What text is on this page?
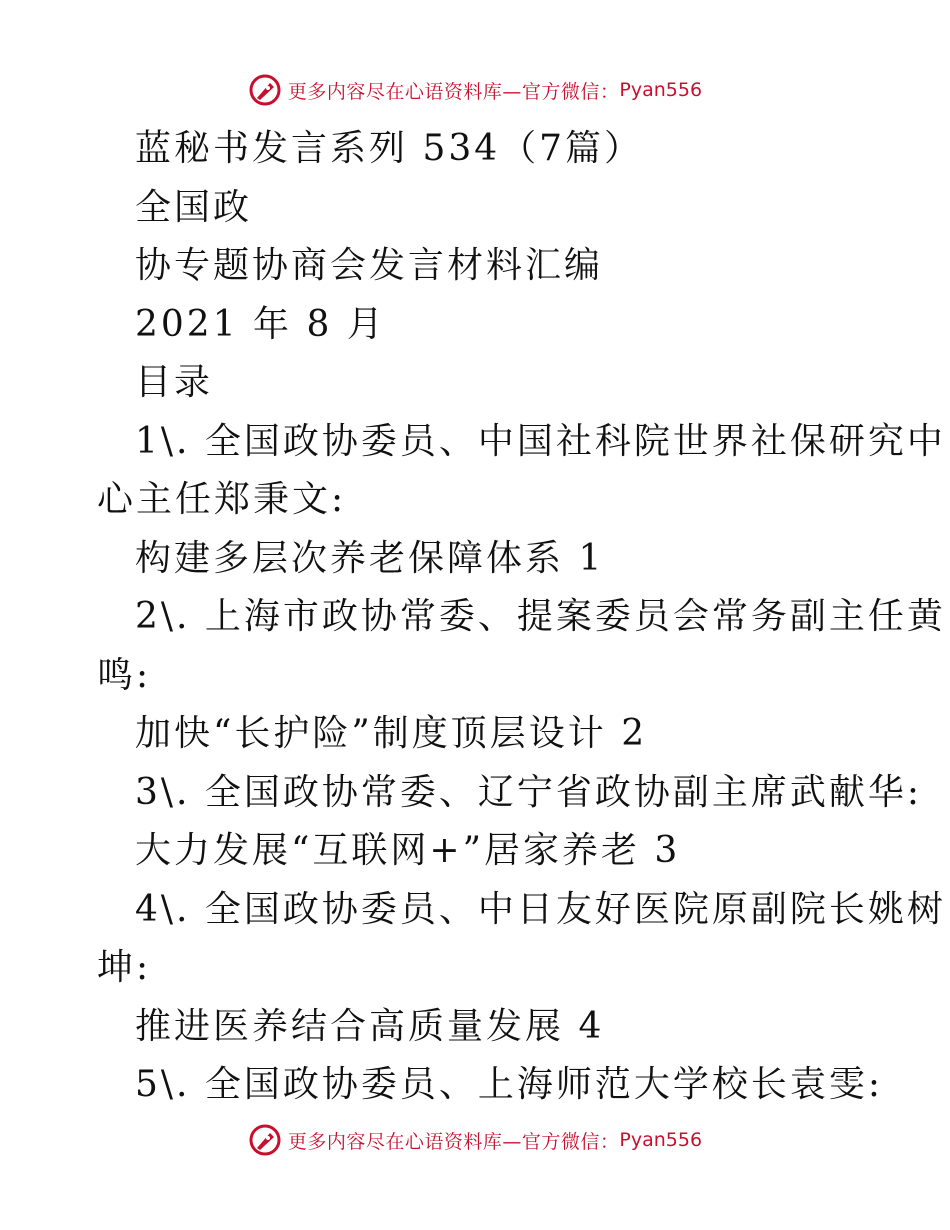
更多内容尽在心语资料库—官方微信： Pyan556
蓝秘书发言系列 534（7篇）
全国政
协专题协商会发言材料汇编
2021 年 8 月
目录
1\. 全国政协委员、中国社科院世界社保研究中
心主任郑秉文:
构建多层次养老保障体系 1
2\. 上海市政协常委、提案委员会常务副主任黄
鸣:
加快“长护险”制度顶层设计 2
3\. 全国政协常委、辽宁省政协副主席武献华:
大力发展“互联网+”居家养老 3
4\. 全国政协委员、中日友好医院原副院长姚树
坤:
推进医养结合高质量发展 4
5\. 全国政协委员、上海师范大学校长袁雯:
更多内容尽在心语资料库—官方微信： Pyan556
